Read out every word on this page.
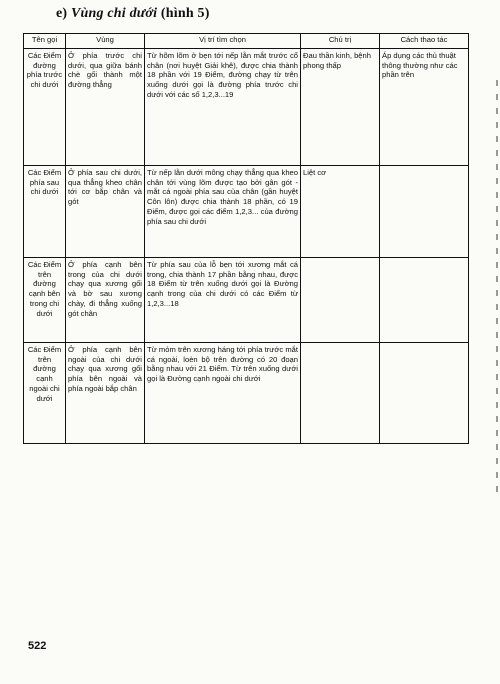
e) Vùng chi dưới (hình 5)
Tên gọi	Vùng	Vị trí tìm chọn	Chủ trị	Cách thao tác
Các Điểm đường phía trước chi dưới	Ở phía trước chi dưới, qua giữa bánh chè gối thành một đường thẳng	Từ hõm lõm ở bẹn tới nếp lằn mắt trước cổ chân (nơi huyệt Giải khê), được chia thành 18 phần với 19 Điểm, đường chạy từ trên xuống dưới gọi là đường phía trước chi dưới với các số 1,2,3...19	Đau thần kinh, bệnh phong thấp	Áp dụng các thủ thuật thông thường như các phần trên
Các Điểm phía sau chi dưới	Ở phía sau chi dưới, qua thẳng kheo chân tới cơ bắp chân và gót	Từ nếp lằn dưới mông chạy thẳng qua kheo chân tới vùng lõm được tạo bởi gân gót - mắt cá ngoài phía sau của chân (gần huyệt Côn lôn) được chia thành 18 phần, có 19 Điểm, được gọi các điểm 1,2,3... của đường phía sau chi dưới	Liệt cơ	
Các Điểm trên đường cạnh bên trong chi dưới	Ở phía cạnh bên trong của chi dưới chạy qua xương gối và bờ sau xương chày, đi thẳng xuống gót chân	Từ phía sau của lỗ bẹn tới xương mắt cá trong, chia thành 17 phần bằng nhau, được 18 Điểm từ trên xuống dưới gọi là Đường cạnh trong của chi dưới có các Điểm từ 1,2,3...18		
Các Điểm trên đường cạnh ngoài chi dưới	Ở phía cạnh bên ngoài của chi dưới chạy qua xương gối phía bên ngoài và phía ngoài bắp chân	Từ mỏm trên xương háng tới phía trước mắt cá ngoài, loèn bộ trên đường có 20 đoạn bằng nhau với 21 Điểm. Từ trên xuống dưới gọi là Đường cạnh ngoài chi dưới		
522
